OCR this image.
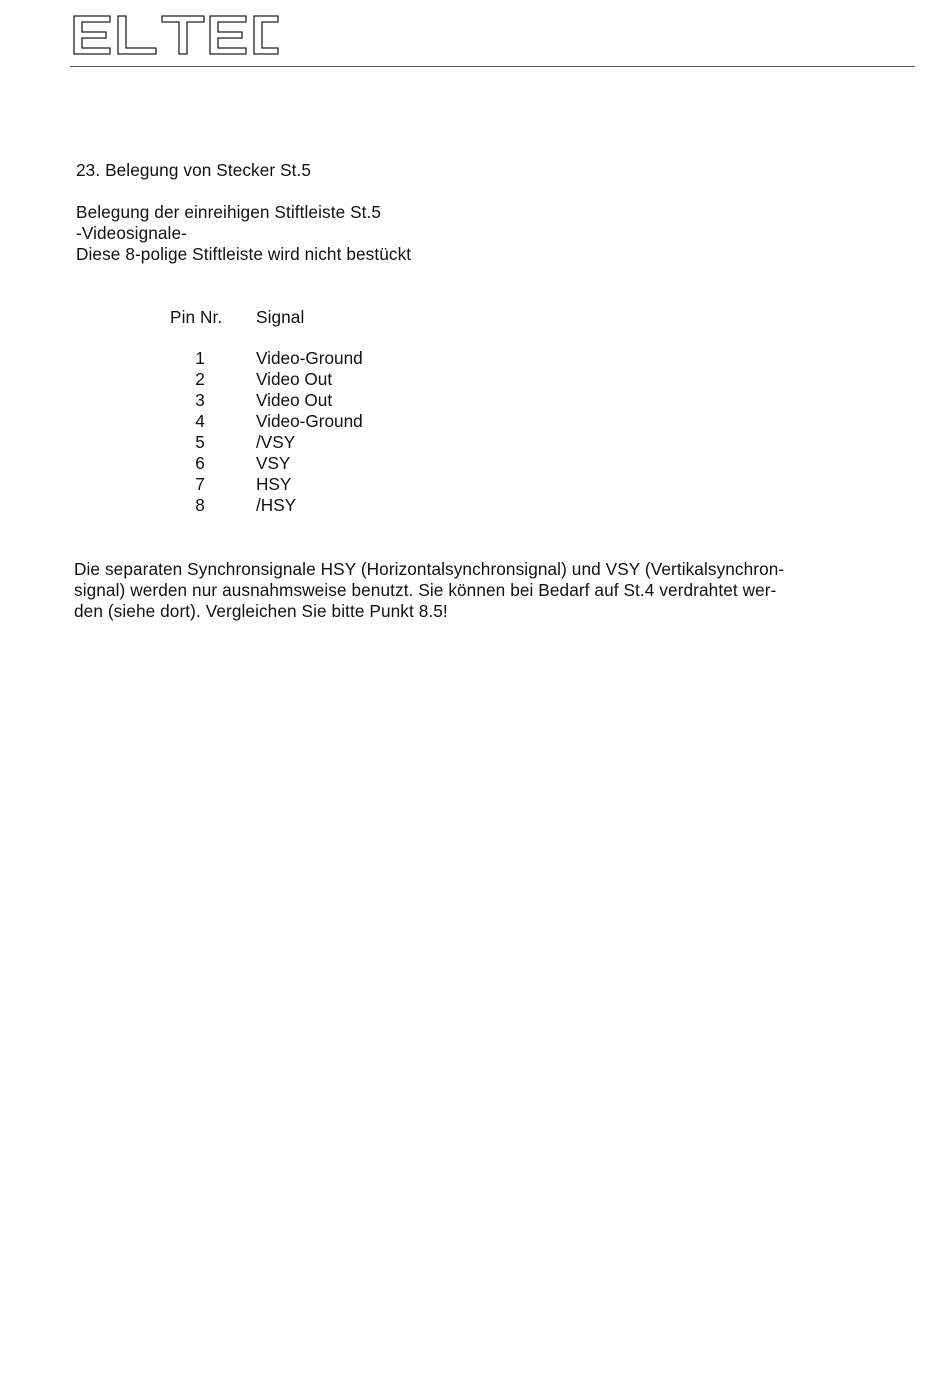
23. Belegung von Stecker St.5
Belegung der einreihigen Stiftleiste St.5
-Videosignale-
Diese 8-polige Stiftleiste wird nicht bestückt
Pin Nr. Signal
1	Video-Ground
2	Video Out
3	Video Out
4	Video-Ground
5	/VSY
6	VSY
7	HSY
8	/HSY
Die separaten Synchronsignale HSY (Horizontalsynchronsignal) und VSY (Vertikalsynchron-
signal) werden nur ausnahmsweise benutzt. Sie können bei Bedarf auf St.4 verdrahtet wer-
den (siehe dort). Vergleichen Sie bitte Punkt 8.5!
